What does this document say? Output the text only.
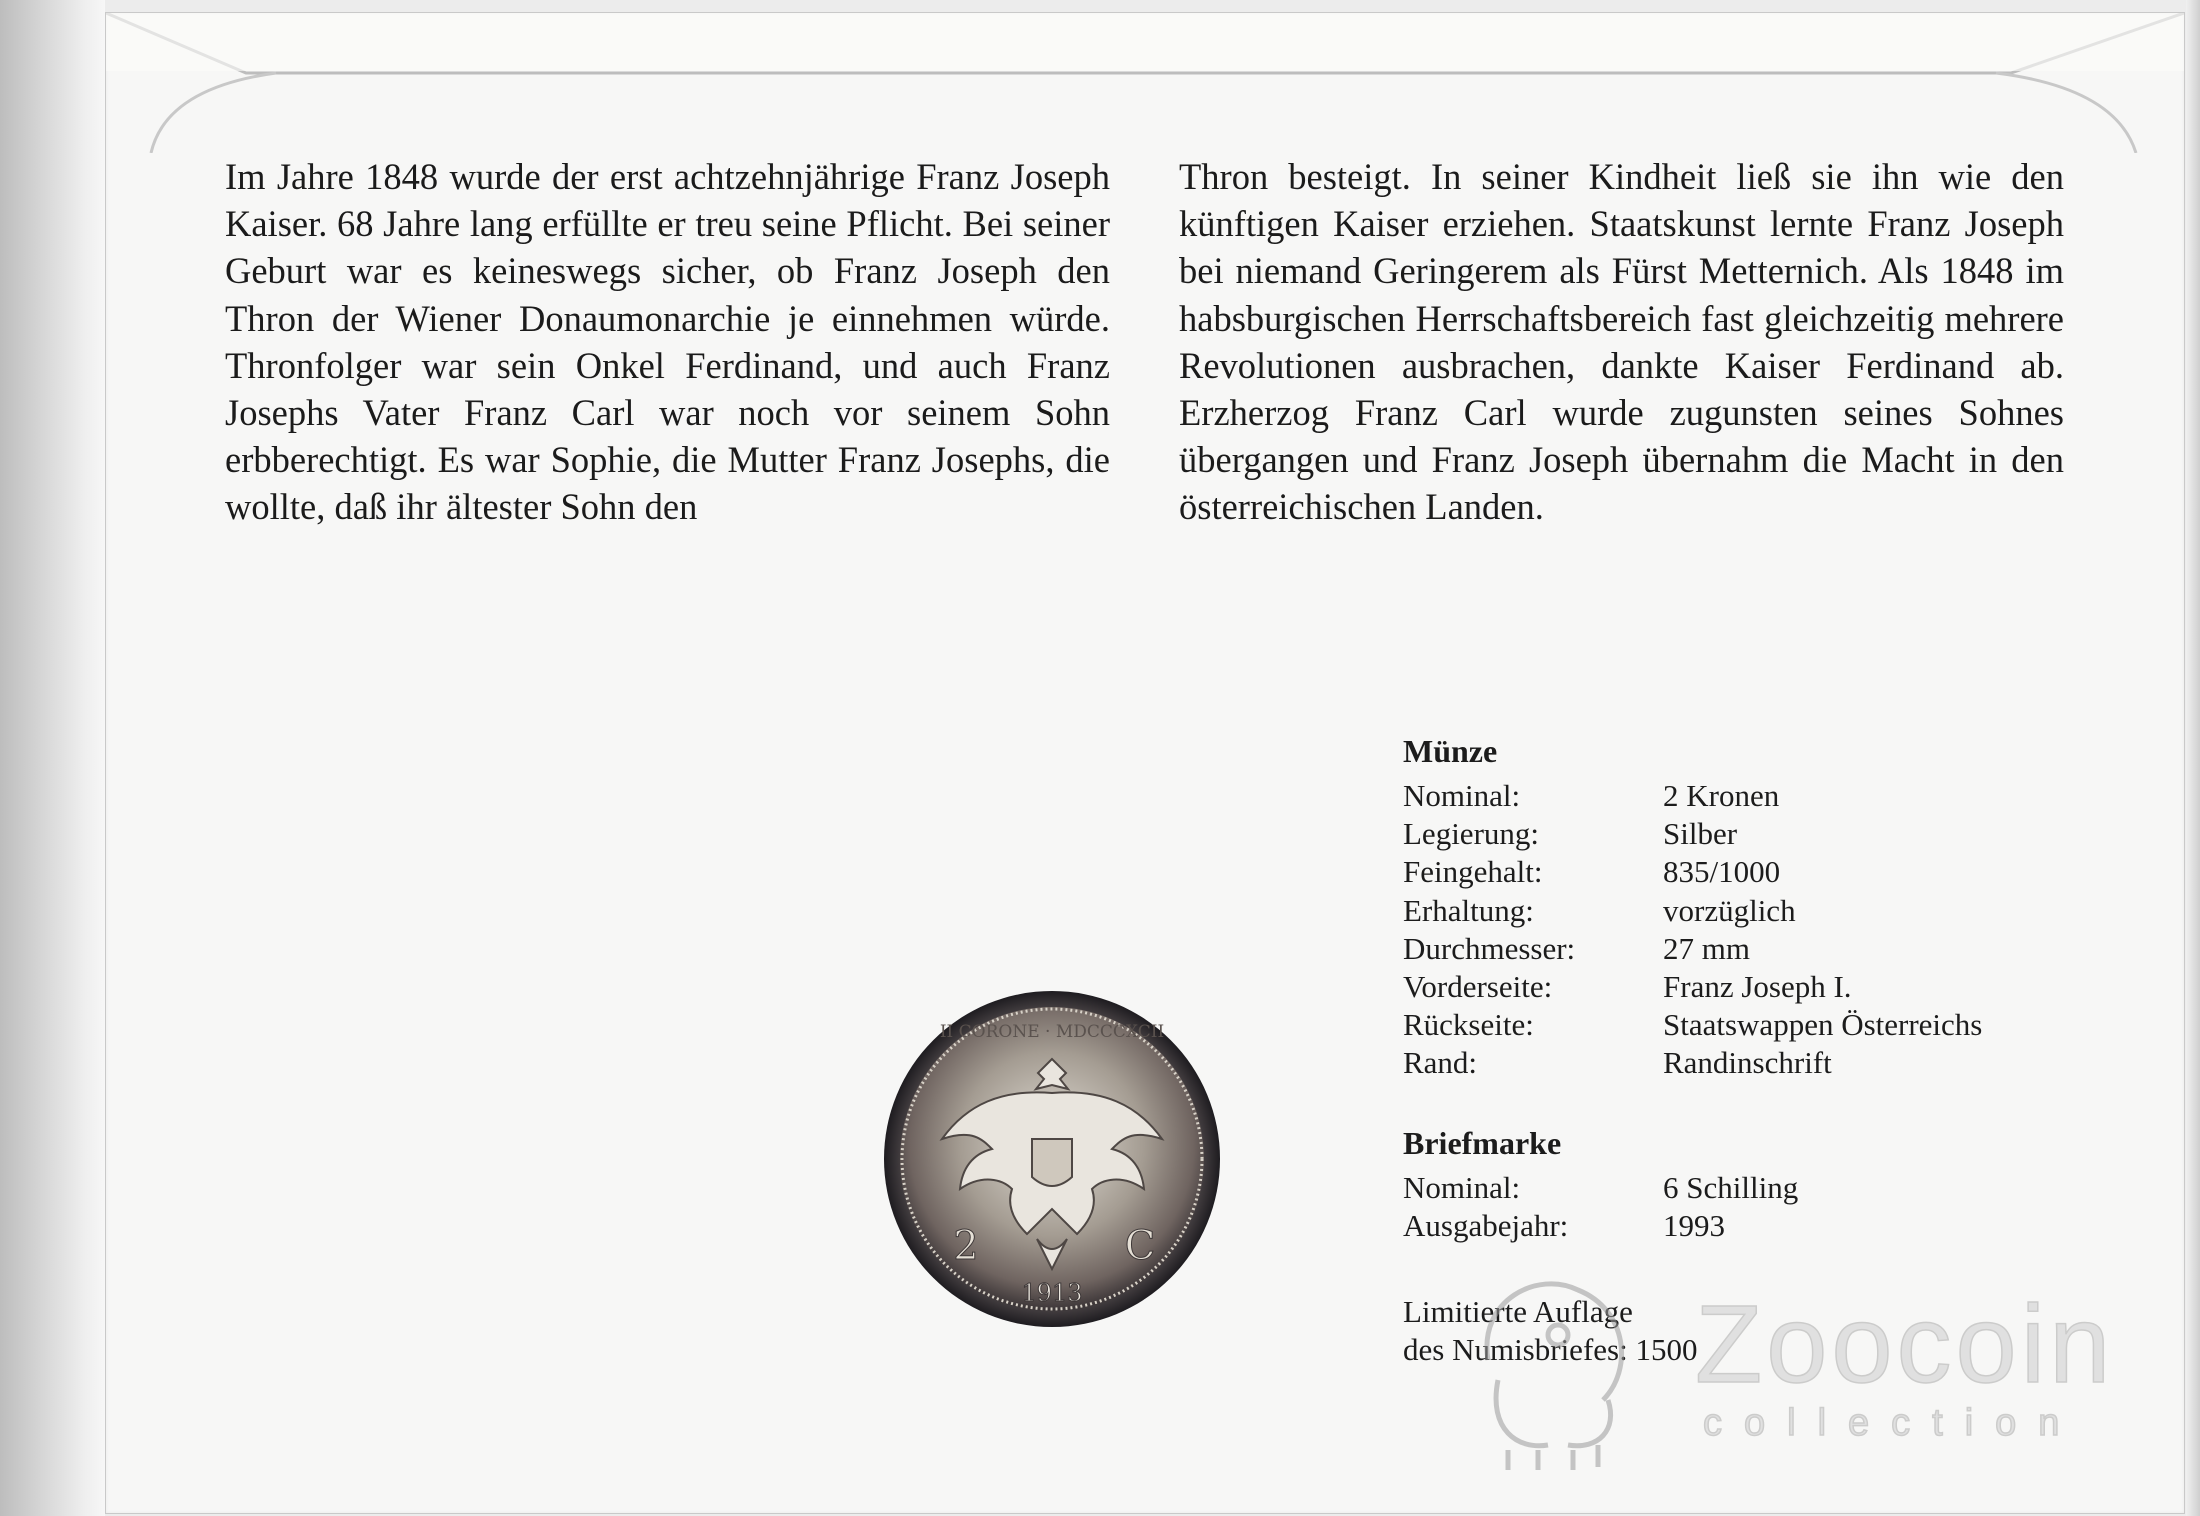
Im Jahre 1848 wurde der erst achtzehnjährige Franz Joseph Kaiser. 68 Jahre lang erfüllte er treu seine Pflicht. Bei seiner Geburt war es keineswegs sicher, ob Franz Joseph den Thron der Wiener Donaumonarchie je einnehmen würde. Thronfolger war sein Onkel Ferdinand, und auch Franz Josephs Vater Franz Carl war noch vor seinem Sohn erbberechtigt. Es war Sophie, die Mutter Franz Josephs, die wollte, daß ihr ältester Sohn den

Thron besteigt. In seiner Kindheit ließ sie ihn wie den künftigen Kaiser erziehen. Staatskunst lernte Franz Joseph bei niemand Geringerem als Fürst Metternich. Als 1848 im habsburgischen Herrschaftsbereich fast gleichzeitig mehrere Revolutionen ausbrachen, dankte Kaiser Ferdinand ab. Erzherzog Franz Carl wurde zugunsten seines Sohnes übergangen und Franz Joseph übernahm die Macht in den österreichischen Landen.

II CORONE · MDCCCXCII
2	C
1913
Münze
Nominal:	2 Kronen
Legierung:	Silber
Feingehalt:	835/1000
Erhaltung:	vorzüglich
Durchmesser:	27 mm
Vorderseite:	Franz Joseph I.
Rückseite:	Staatswappen Österreichs
Rand:	Randinschrift
Briefmarke
Nominal:	6 Schilling
Ausgabejahr:	1993
Limitierte Auflage
des Numisbriefes: 1500
Zoocoin
collection
